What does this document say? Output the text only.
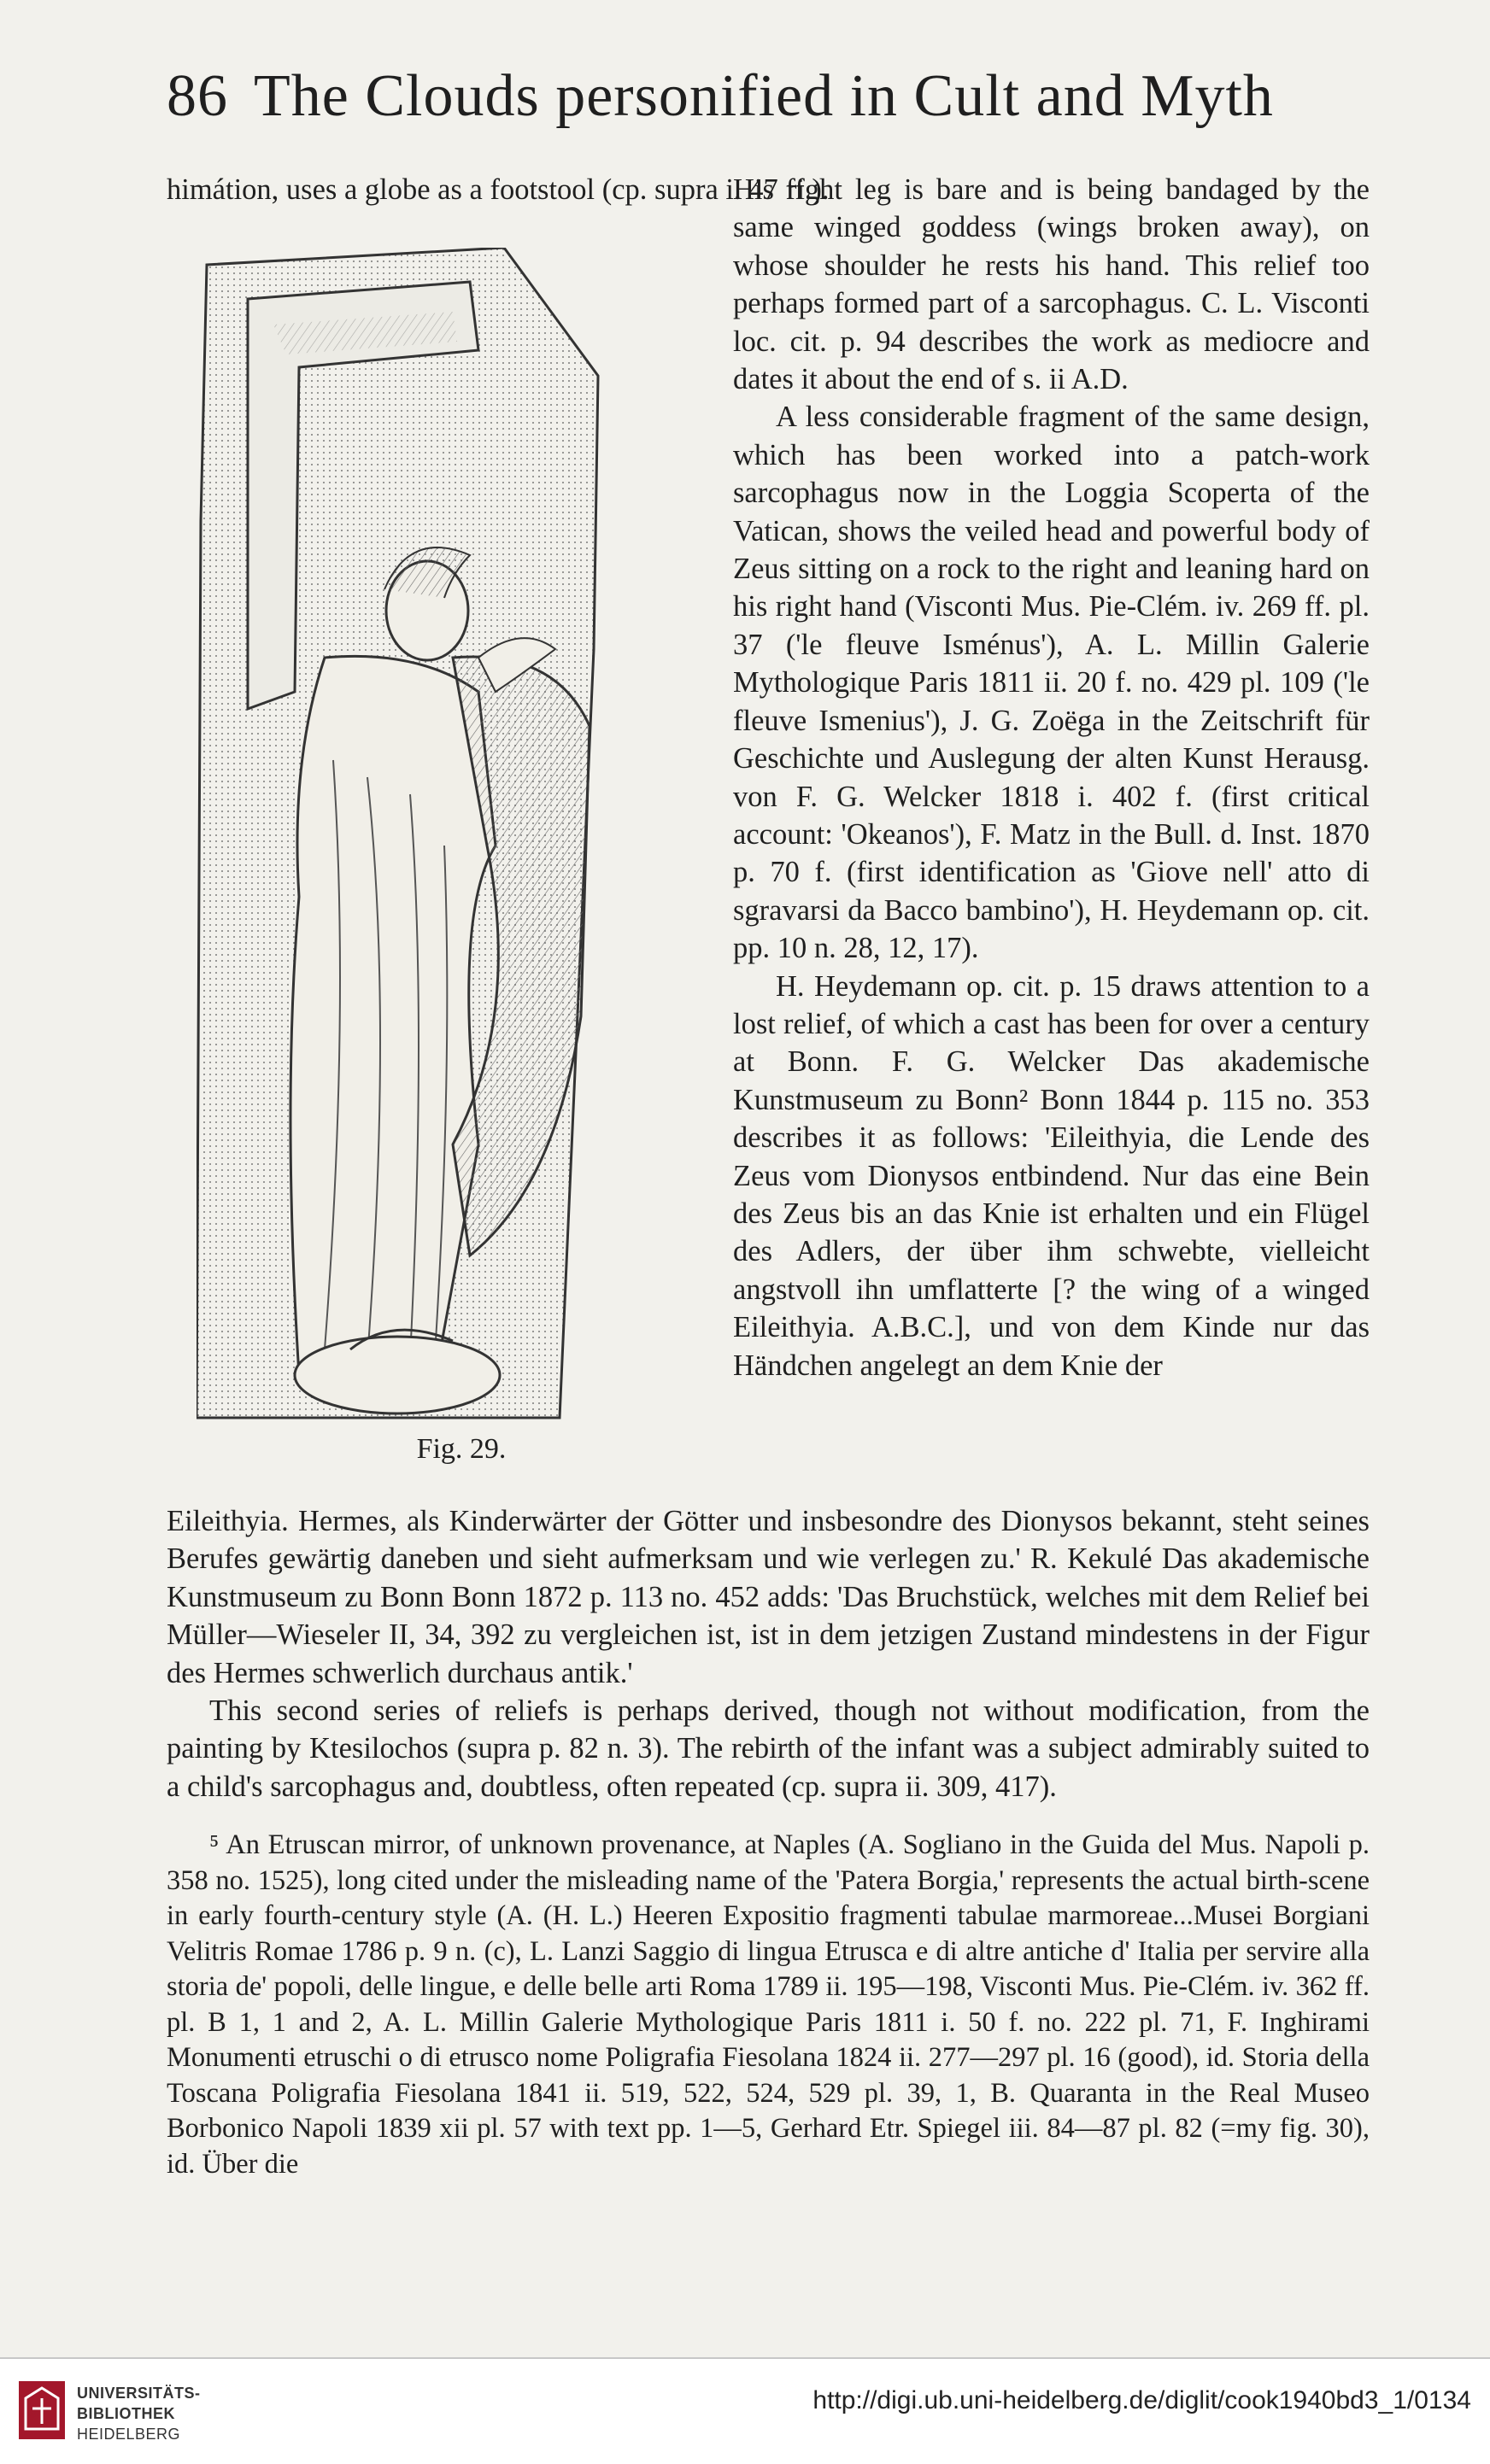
86 The Clouds personified in Cult and Myth
himátion, uses a globe as a footstool (cp. supra i. 47 ff.).
Fig. 29.

His right leg is bare and is being bandaged by the same winged goddess (wings broken away), on whose shoulder he rests his hand. This relief too perhaps formed part of a sarcophagus. C. L. Visconti loc. cit. p. 94 describes the work as mediocre and dates it about the end of s. ii A.D.

A less considerable fragment of the same design, which has been worked into a patch-work sarcophagus now in the Loggia Scoperta of the Vatican, shows the veiled head and powerful body of Zeus sitting on a rock to the right and leaning hard on his right hand (Visconti Mus. Pie-Clém. iv. 269 ff. pl. 37 ('le fleuve Isménus'), A. L. Millin Galerie Mythologique Paris 1811 ii. 20 f. no. 429 pl. 109 ('le fleuve Ismenius'), J. G. Zoëga in the Zeitschrift für Geschichte und Auslegung der alten Kunst Herausg. von F. G. Welcker 1818 i. 402 f. (first critical account: 'Okeanos'), F. Matz in the Bull. d. Inst. 1870 p. 70 f. (first identification as 'Giove nell' atto di sgravarsi da Bacco bambino'), H. Heydemann op. cit. pp. 10 n. 28, 12, 17).

H. Heydemann op. cit. p. 15 draws attention to a lost relief, of which a cast has been for over a century at Bonn. F. G. Welcker Das akademische Kunstmuseum zu Bonn² Bonn 1844 p. 115 no. 353 describes it as follows: 'Eileithyia, die Lende des Zeus vom Dionysos entbindend. Nur das eine Bein des Zeus bis an das Knie ist erhalten und ein Flügel des Adlers, der über ihm schwebte, vielleicht angstvoll ihn umflatterte [? the wing of a winged Eileithyia. A.B.C.], und von dem Kinde nur das Händchen angelegt an dem Knie der

Eileithyia. Hermes, als Kinderwärter der Götter und insbesondre des Dionysos bekannt, steht seines Berufes gewärtig daneben und sieht aufmerksam und wie verlegen zu.' R. Kekulé Das akademische Kunstmuseum zu Bonn Bonn 1872 p. 113 no. 452 adds: 'Das Bruchstück, welches mit dem Relief bei Müller—Wieseler II, 34, 392 zu vergleichen ist, ist in dem jetzigen Zustand mindestens in der Figur des Hermes schwerlich durchaus antik.'

This second series of reliefs is perhaps derived, though not without modification, from the painting by Ktesilochos (supra p. 82 n. 3). The rebirth of the infant was a subject admirably suited to a child's sarcophagus and, doubtless, often repeated (cp. supra ii. 309, 417).

⁵ An Etruscan mirror, of unknown provenance, at Naples (A. Sogliano in the Guida del Mus. Napoli p. 358 no. 1525), long cited under the misleading name of the 'Patera Borgia,' represents the actual birth-scene in early fourth-century style (A. (H. L.) Heeren Expositio fragmenti tabulae marmoreae...Musei Borgiani Velitris Romae 1786 p. 9 n. (c), L. Lanzi Saggio di lingua Etrusca e di altre antiche d' Italia per servire alla storia de' popoli, delle lingue, e delle belle arti Roma 1789 ii. 195—198, Visconti Mus. Pie-Clém. iv. 362 ff. pl. B 1, 1 and 2, A. L. Millin Galerie Mythologique Paris 1811 i. 50 f. no. 222 pl. 71, F. Inghirami Monumenti etruschi o di etrusco nome Poligrafia Fiesolana 1824 ii. 277—297 pl. 16 (good), id. Storia della Toscana Poligrafia Fiesolana 1841 ii. 519, 522, 524, 529 pl. 39, 1, B. Quaranta in the Real Museo Borbonico Napoli 1839 xii pl. 57 with text pp. 1—5, Gerhard Etr. Spiegel iii. 84—87 pl. 82 (=my fig. 30), id. Über die

UNIVERSITÄTS-
BIBLIOTHEK
HEIDELBERG
http://digi.ub.uni-heidelberg.de/diglit/cook1940bd3_1/0134
